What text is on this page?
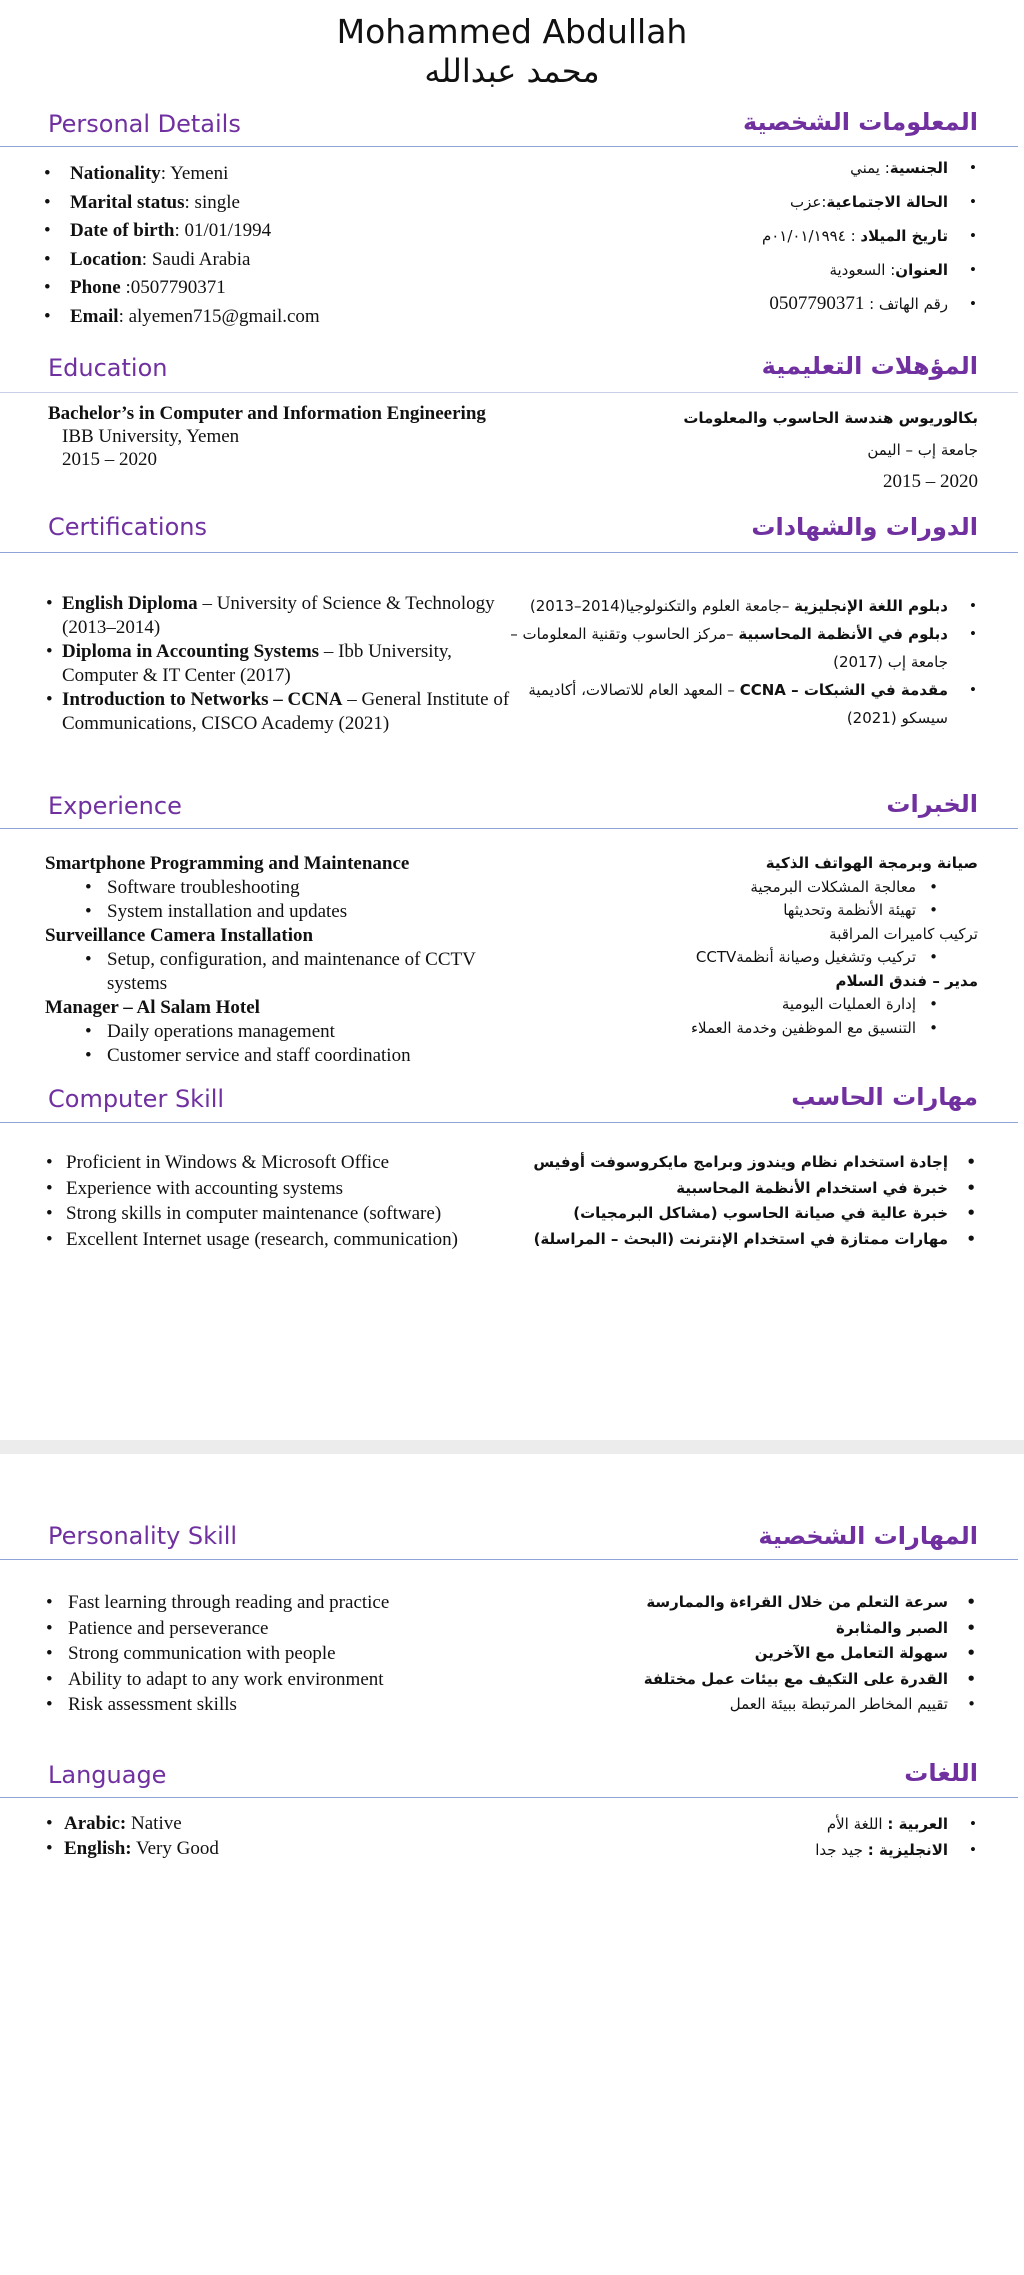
Mohammed Abdullah
محمد عبدالله
Personal Details	المعلومات الشخصية
• Nationality: Yemeni
• Marital status: single
• Date of birth: 01/01/1994
• Location: Saudi Arabia
• Phone :0507790371
• Email: alyemen715@gmail.com
• الجنسية: يمني
• الحالة الاجتماعية:عزب
• تاريخ الميلاد : ٠١/٠١/١٩٩٤م
• العنوان: السعودية
• رقم الهاتف : 0507790371
Education	المؤهلات التعليمية
Bachelor’s in Computer and Information Engineering
IBB University, Yemen
2015 – 2020
بكالوريوس هندسة الحاسوب والمعلومات
جامعة إب – اليمن
2015 – 2020
Certifications	الدورات والشهادات
• English Diploma – University of Science & Technology (2013–2014)
• Diploma in Accounting Systems – Ibb University, Computer & IT Center (2017)
• Introduction to Networks – CCNA – General Institute of Communications, CISCO Academy (2021)
• دبلوم اللغة الإنجليزية –جامعة العلوم والتكنولوجيا(2014–2013)
• دبلوم في الأنظمة المحاسبية –مركز الحاسوب وتقنية المعلومات – جامعة إب (2017)
• مقدمة في الشبكات – CCNA – المعهد العام للاتصالات، أكاديمية سيسكو (2021)
Experience	الخبرات
Smartphone Programming and Maintenance
• Software troubleshooting
• System installation and updates
Surveillance Camera Installation
• Setup, configuration, and maintenance of CCTV systems
Manager – Al Salam Hotel
• Daily operations management
• Customer service and staff coordination
صيانة وبرمجة الهواتف الذكية
• معالجة المشكلات البرمجية
• تهيئة الأنظمة وتحديثها
تركيب كاميرات المراقبة
• تركيب وتشغيل وصيانة أنظمةCCTV
مدير – فندق السلام
• إدارة العمليات اليومية
• التنسيق مع الموظفين وخدمة العملاء
Computer Skill	مهارات الحاسب
• Proficient in Windows & Microsoft Office
• Experience with accounting systems
• Strong skills in computer maintenance (software)
• Excellent Internet usage (research, communication)
• إجادة استخدام نظام ويندوز وبرامج مايكروسوفت أوفيس
• خبرة في استخدام الأنظمة المحاسبية
• خبرة عالية في صيانة الحاسوب (مشاكل البرمجيات)
• مهارات ممتازة في استخدام الإنترنت (البحث – المراسلة)
Personality Skill	المهارات الشخصية
• Fast learning through reading and practice
• Patience and perseverance
• Strong communication with people
• Ability to adapt to any work environment
• Risk assessment skills
• سرعة التعلم من خلال القراءة والممارسة
• الصبر والمثابرة
• سهولة التعامل مع الآخرين
• القدرة على التكيف مع بيئات عمل مختلفة
• تقييم المخاطر المرتبطة ببيئة العمل
Language	اللغات
• Arabic: Native
• English: Very Good
• العربية : اللغة الأم
• الانجليزية : جيد جدا
